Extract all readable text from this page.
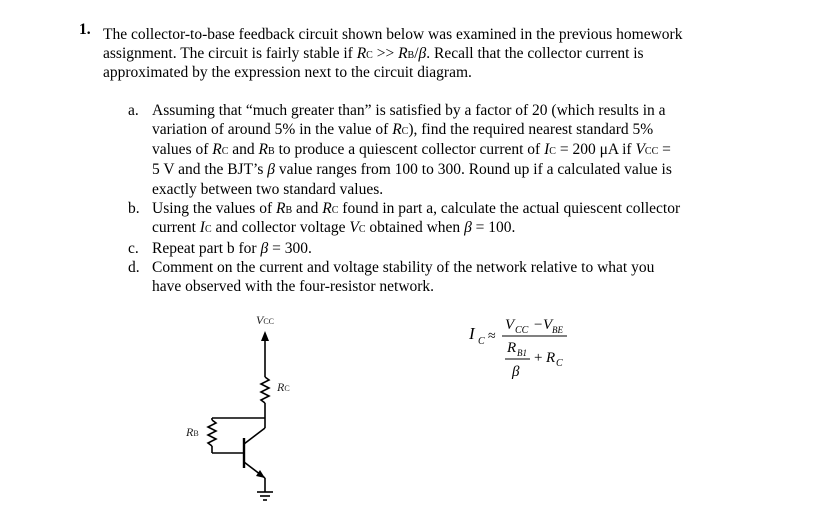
1. The collector-to-base feedback circuit shown below was examined in the previous homework
assignment. The circuit is fairly stable if RC >> RB/β. Recall that the collector current is
approximated by the expression next to the circuit diagram.
a. Assuming that “much greater than” is satisfied by a factor of 20 (which results in a
variation of around 5% in the value of RC), find the required nearest standard 5%
values of RC and RB to produce a quiescent collector current of IC = 200 μA if VCC =
5 V and the BJT’s β value ranges from 100 to 300. Round up if a calculated value is
exactly between two standard values.
b. Using the values of RB and RC found in part a, calculate the actual quiescent collector
current IC and collector voltage VC obtained when β = 100.
c. Repeat part b for β = 300.
d. Comment on the current and voltage stability of the network relative to what you
have observed with the four-resistor network.
VCC
RC
RB
I C ≈
V CC − V BE
R B1
β
+ R C
